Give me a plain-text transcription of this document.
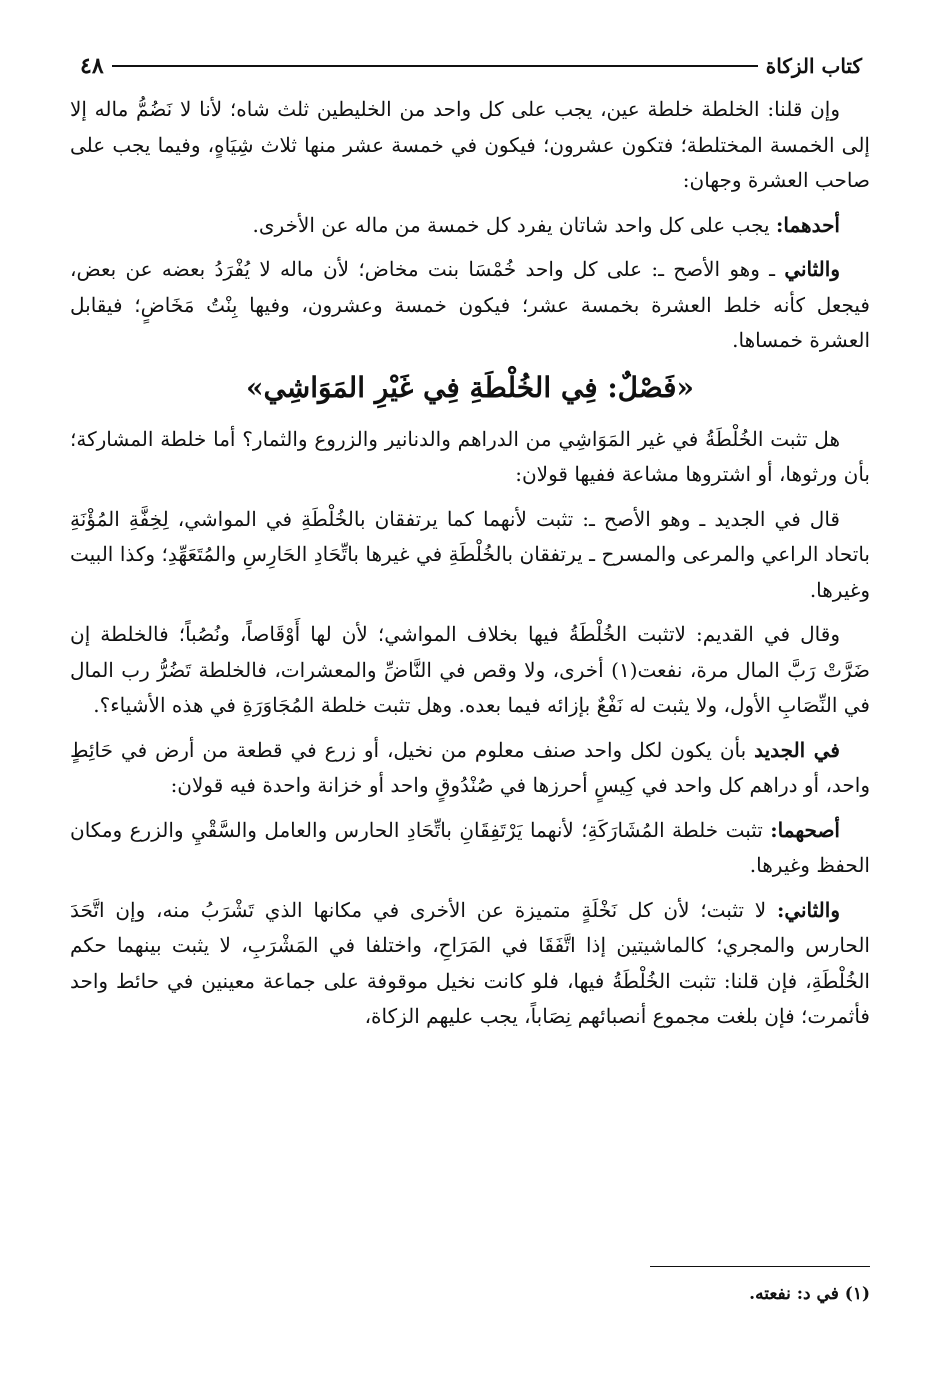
٤٨	كتاب الزكاة

وإن قلنا: الخلطة خلطة عين، يجب على كل واحد من الخليطين ثلث شاه؛ لأنا لا نَضُمُّ ماله إلا إلى الخمسة المختلطة؛ فتكون عشرون؛ فيكون في خمسة عشر منها ثلاث شِيَاهٍ، وفيما يجب على صاحب العشرة وجهان:

أحدهما: يجب على كل واحد شاتان يفرد كل خمسة من ماله عن الأخرى.

والثاني ـ وهو الأصح ـ: على كل واحد خُمْسَا بنت مخاض؛ لأن ماله لا يُفْرَدُ بعضه عن بعض، فيجعل كأنه خلط العشرة بخمسة عشر؛ فيكون خمسة وعشرون، وفيها بِنْتُ مَخَاضٍ؛ فيقابل العشرة خمساها.

«فَصْلٌ: فِي الخُلْطَةِ فِي غَيْرِ المَوَاشِي»

هل تثبت الخُلْطَةُ في غير المَوَاشِي من الدراهم والدنانير والزروع والثمار؟ أما خلطة المشاركة؛ بأن ورثوها، أو اشتروها مشاعة ففيها قولان:

قال في الجديد ـ وهو الأصح ـ: تثبت لأنهما كما يرتفقان بالخُلْطَةِ في المواشي، لِخِفَّةِ المُؤْنَةِ باتحاد الراعي والمرعى والمسرح ـ يرتفقان بالخُلْطَةِ في غيرها باتِّحَادِ الحَارِسِ والمُتَعَهِّدِ؛ وكذا البيت وغيرها.

وقال في القديم: لاتثبت الخُلْطَةُ فيها بخلاف المواشي؛ لأن لها أَوْقَاصاً، ونُصُباً؛ فالخلطة إن ضَرَّتْ رَبَّ المال مرة، نفعت(١) أخرى، ولا وقص في النَّاضِّ والمعشرات، فالخلطة تَضُرُّ رب المال في النِّصَابِ الأول، ولا يثبت له نَفْعٌ بإزائه فيما بعده. وهل تثبت خلطة المُجَاوَرَةِ في هذه الأشياء؟.

في الجديد بأن يكون لكل واحد صنف معلوم من نخيل، أو زرع في قطعة من أرض في حَائِطٍ واحد، أو دراهم كل واحد في كِيسٍ أحرزها في صُنْدُوقٍ واحد أو خزانة واحدة فيه قولان:

أصحهما: تثبت خلطة المُشَارَكَةِ؛ لأنهما يَرْتَفِقَانِ باتِّحَادِ الحارس والعامل والسَّقْيِ والزرع ومكان الحفظ وغيرها.

والثاني: لا تثبت؛ لأن كل نَخْلَةٍ متميزة عن الأخرى في مكانها الذي تَشْرَبُ منه، وإن اتَّحَدَ الحارس والمجري؛ كالماشيتين إذا اتَّفَقَا في المَرَاحِ، واختلفا في المَشْرَبِ، لا يثبت بينهما حكم الخُلْطَةِ، فإن قلنا: تثبت الخُلْطَةُ فيها، فلو كانت نخيل موقوفة على جماعة معينين في حائط واحد فأثمرت؛ فإن بلغت مجموع أنصبائهم نِصَاباً، يجب عليهم الزكاة،

(١) في د: نفعته.
